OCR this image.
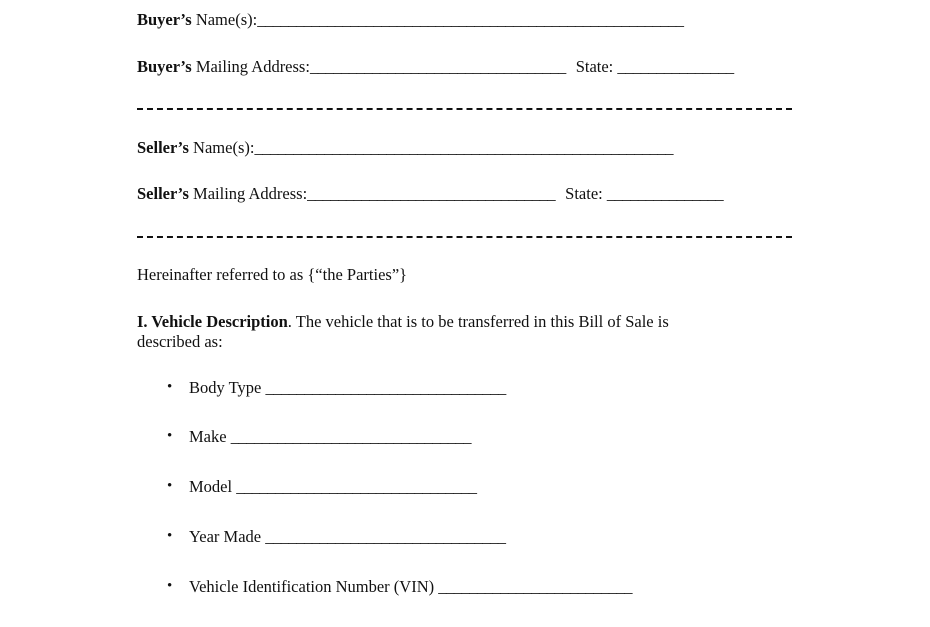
Buyer’s Name(s):_______________________________________________________
Buyer’s Mailing Address:_________________________________ State: _______________
Seller’s Name(s):______________________________________________________
Seller’s Mailing Address:________________________________ State: _______________
Hereinafter referred to as {“the Parties”}
I. Vehicle Description. The vehicle that is to be transferred in this Bill of Sale is
described as:
• Body Type _______________________________
• Make _______________________________
• Model _______________________________
• Year Made _______________________________
• Vehicle Identification Number (VIN) _________________________
